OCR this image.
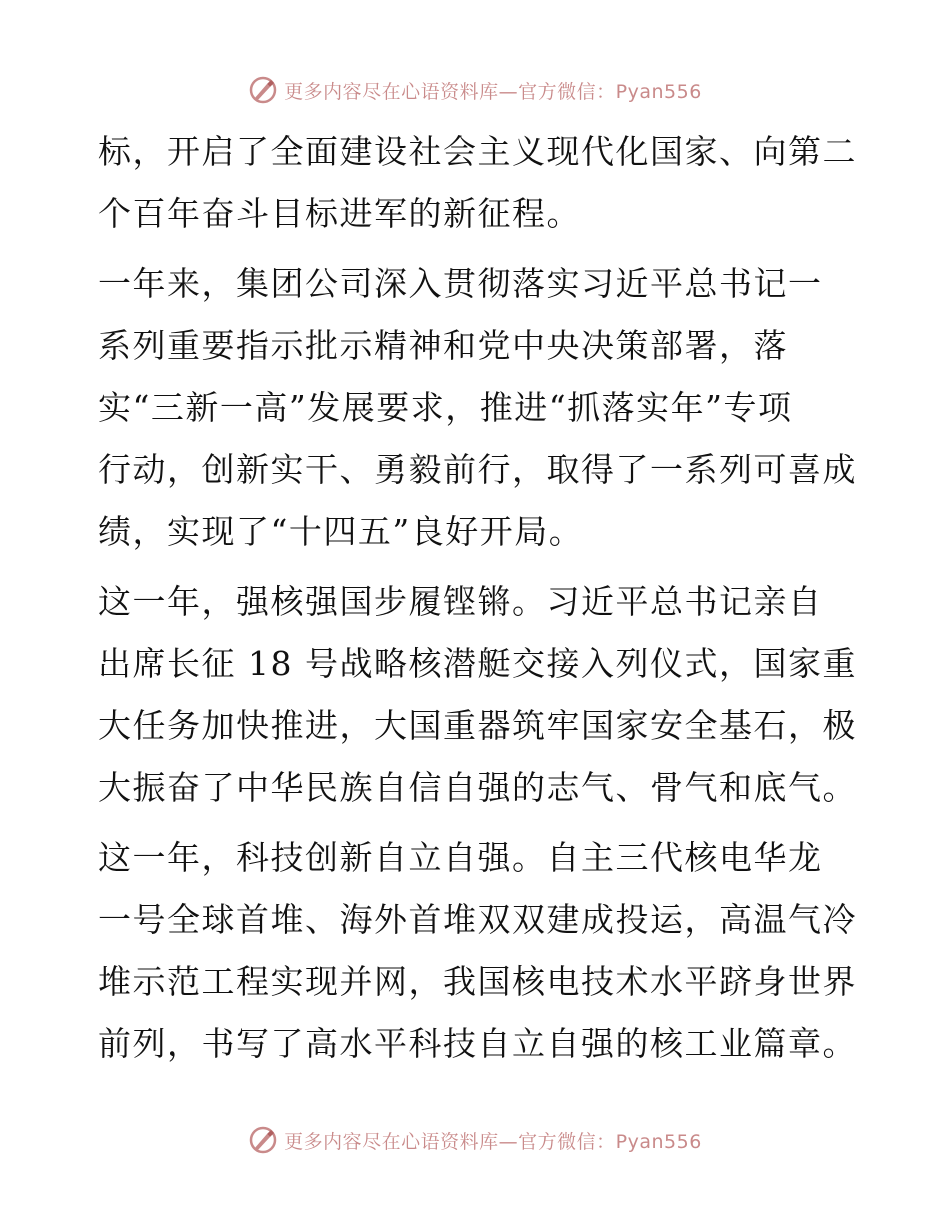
更多内容尽在心语资料库—官方微信：Pyan556
标，开启了全面建设社会主义现代化国家、向第二
个百年奋斗目标进军的新征程。
一年来，集团公司深入贯彻落实习近平总书记一
系列重要指示批示精神和党中央决策部署，落
实“三新一高”发展要求，推进“抓落实年”专项
行动，创新实干、勇毅前行，取得了一系列可喜成
绩，实现了“十四五”良好开局。
这一年，强核强国步履铿锵。习近平总书记亲自
出席长征 18 号战略核潜艇交接入列仪式，国家重
大任务加快推进，大国重器筑牢国家安全基石，极
大振奋了中华民族自信自强的志气、骨气和底气。
这一年，科技创新自立自强。自主三代核电华龙
一号全球首堆、海外首堆双双建成投运，高温气冷
堆示范工程实现并网，我国核电技术水平跻身世界
前列，书写了高水平科技自立自强的核工业篇章。
更多内容尽在心语资料库—官方微信：Pyan556
